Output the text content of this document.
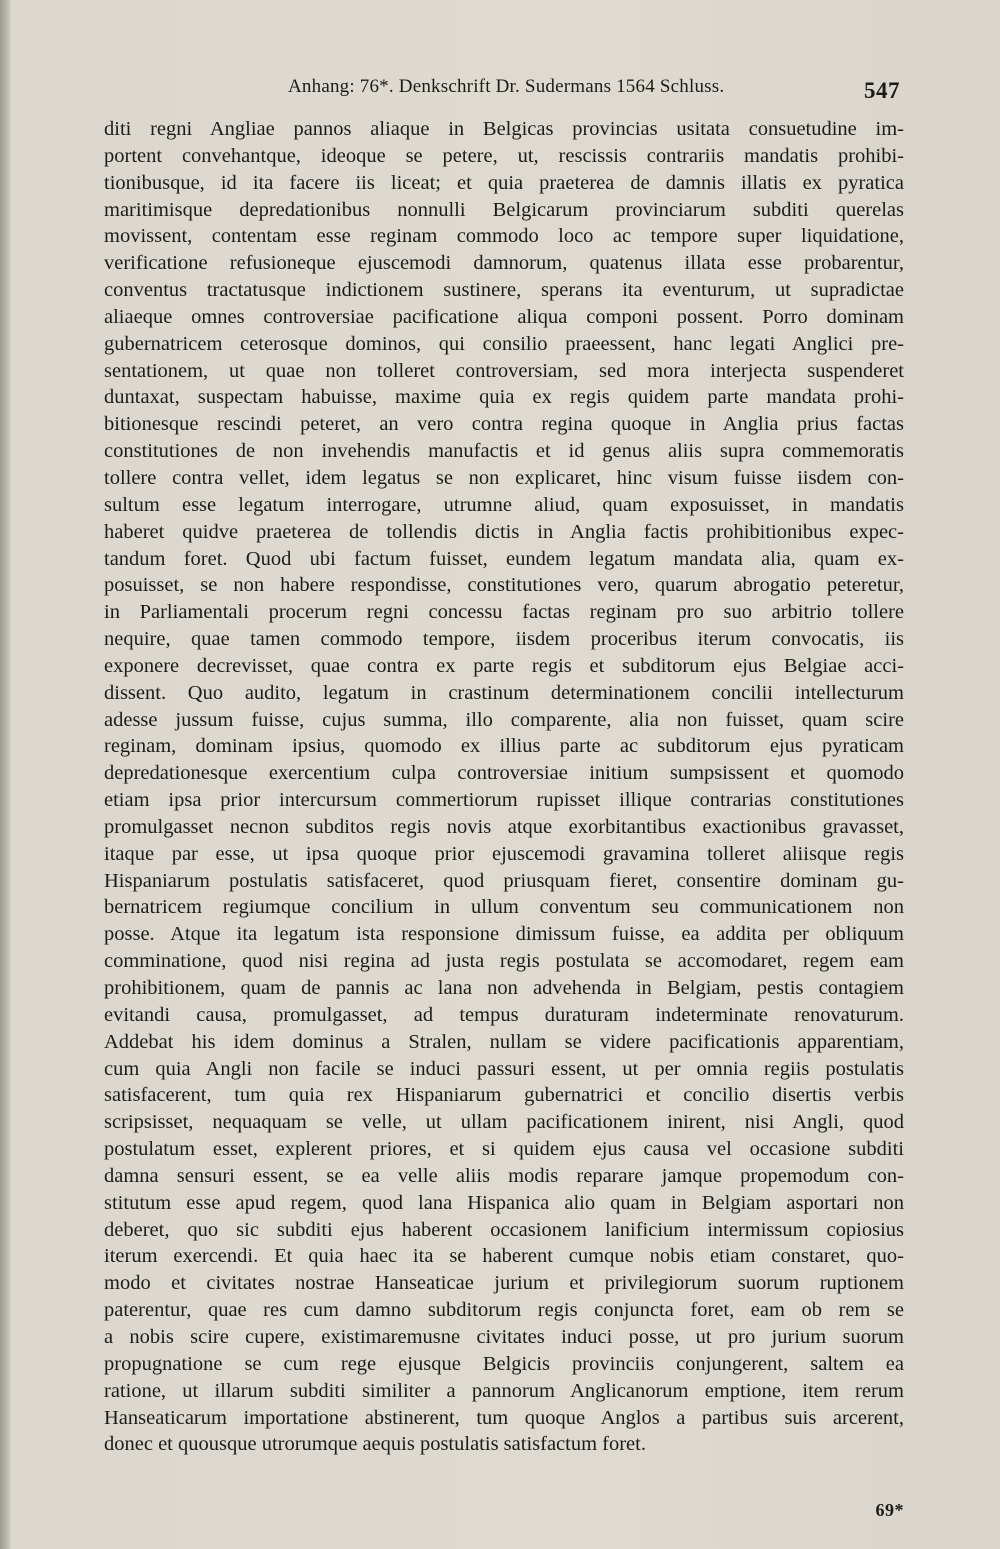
Anhang: 76*. Denkschrift Dr. Sudermans 1564 Schluss.	547
diti regni Angliae pannos aliaque in Belgicas provincias usitata consuetudine im-
portent convehantque, ideoque se petere, ut, rescissis contrariis mandatis prohibi-
tionibusque, id ita facere iis liceat; et quia praeterea de damnis illatis ex pyratica
maritimisque depredationibus nonnulli Belgicarum provinciarum subditi querelas
movissent, contentam esse reginam commodo loco ac tempore super liquidatione,
verificatione refusioneque ejuscemodi damnorum, quatenus illata esse probarentur,
conventus tractatusque indictionem sustinere, sperans ita eventurum, ut supradictae
aliaeque omnes controversiae pacificatione aliqua componi possent. Porro dominam
gubernatricem ceterosque dominos, qui consilio praeessent, hanc legati Anglici pre-
sentationem, ut quae non tolleret controversiam, sed mora interjecta suspenderet
duntaxat, suspectam habuisse, maxime quia ex regis quidem parte mandata prohi-
bitionesque rescindi peteret, an vero contra regina quoque in Anglia prius factas
constitutiones de non invehendis manufactis et id genus aliis supra commemoratis
tollere contra vellet, idem legatus se non explicaret, hinc visum fuisse iisdem con-
sultum esse legatum interrogare, utrumne aliud, quam exposuisset, in mandatis
haberet quidve praeterea de tollendis dictis in Anglia factis prohibitionibus expec-
tandum foret. Quod ubi factum fuisset, eundem legatum mandata alia, quam ex-
posuisset, se non habere respondisse, constitutiones vero, quarum abrogatio peteretur,
in Parliamentali procerum regni concessu factas reginam pro suo arbitrio tollere
nequire, quae tamen commodo tempore, iisdem proceribus iterum convocatis, iis
exponere decrevisset, quae contra ex parte regis et subditorum ejus Belgiae acci-
dissent. Quo audito, legatum in crastinum determinationem concilii intellecturum
adesse jussum fuisse, cujus summa, illo comparente, alia non fuisset, quam scire
reginam, dominam ipsius, quomodo ex illius parte ac subditorum ejus pyraticam
depredationesque exercentium culpa controversiae initium sumpsissent et quomodo
etiam ipsa prior intercursum commertiorum rupisset illique contrarias constitutiones
promulgasset necnon subditos regis novis atque exorbitantibus exactionibus gravasset,
itaque par esse, ut ipsa quoque prior ejuscemodi gravamina tolleret aliisque regis
Hispaniarum postulatis satisfaceret, quod priusquam fieret, consentire dominam gu-
bernatricem regiumque concilium in ullum conventum seu communicationem non
posse. Atque ita legatum ista responsione dimissum fuisse, ea addita per obliquum
comminatione, quod nisi regina ad justa regis postulata se accomodaret, regem eam
prohibitionem, quam de pannis ac lana non advehenda in Belgiam, pestis contagiem
evitandi causa, promulgasset, ad tempus duraturam indeterminate renovaturum.
Addebat his idem dominus a Stralen, nullam se videre pacificationis apparentiam,
cum quia Angli non facile se induci passuri essent, ut per omnia regiis postulatis
satisfacerent, tum quia rex Hispaniarum gubernatrici et concilio disertis verbis
scripsisset, nequaquam se velle, ut ullam pacificationem inirent, nisi Angli, quod
postulatum esset, explerent priores, et si quidem ejus causa vel occasione subditi
damna sensuri essent, se ea velle aliis modis reparare jamque propemodum con-
stitutum esse apud regem, quod lana Hispanica alio quam in Belgiam asportari non
deberet, quo sic subditi ejus haberent occasionem lanificium intermissum copiosius
iterum exercendi. Et quia haec ita se haberent cumque nobis etiam constaret, quo-
modo et civitates nostrae Hanseaticae jurium et privilegiorum suorum ruptionem
paterentur, quae res cum damno subditorum regis conjuncta foret, eam ob rem se
a nobis scire cupere, existimaremusne civitates induci posse, ut pro jurium suorum
propugnatione se cum rege ejusque Belgicis provinciis conjungerent, saltem ea
ratione, ut illarum subditi similiter a pannorum Anglicanorum emptione, item rerum
Hanseaticarum importatione abstinerent, tum quoque Anglos a partibus suis arcerent,
donec et quousque utrorumque aequis postulatis satisfactum foret.
69*
